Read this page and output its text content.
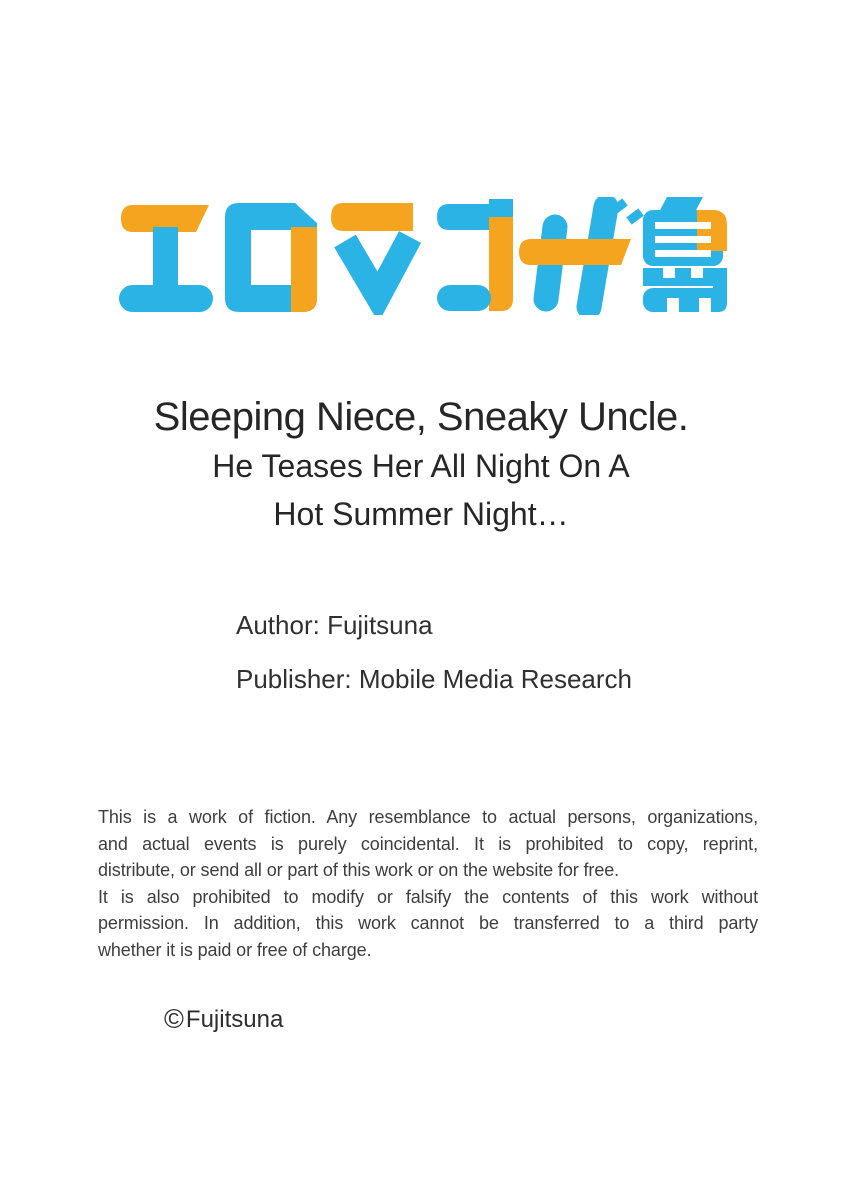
Sleeping Niece, Sneaky Uncle.
He Teases Her All Night On A
Hot Summer Night…
Author: Fujitsuna
Publisher: Mobile Media Research
This is a work of fiction. Any resemblance to actual persons, organizations,
and actual events is purely coincidental. It is prohibited to copy, reprint,
distribute, or send all or part of this work or on the website for free.
It is also prohibited to modify or falsify the contents of this work without
permission. In addition, this work cannot be transferred to a third party
whether it is paid or free of charge.
©Fujitsuna
